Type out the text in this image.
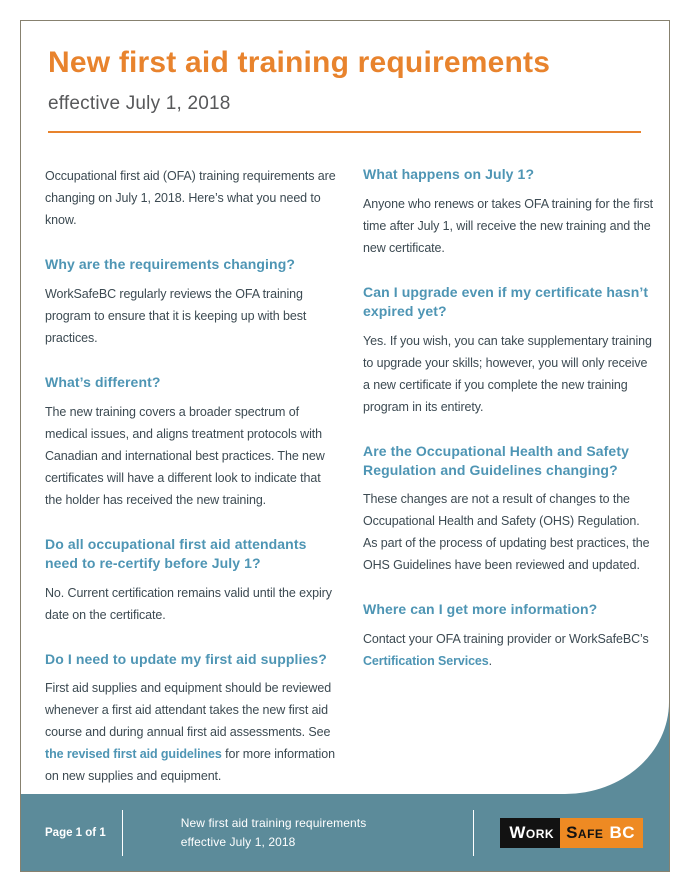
New first aid training requirements
effective July 1, 2018

Occupational first aid (OFA) training requirements are changing on July 1, 2018. Here’s what you need to know.

Why are the requirements changing?

WorkSafeBC regularly reviews the OFA training program to ensure that it is keeping up with best practices.

What’s different?

The new training covers a broader spectrum of medical issues, and aligns treatment protocols with Canadian and international best practices. The new certificates will have a different look to indicate that the holder has received the new training.

Do all occupational first aid attendants need to re-certify before July 1?

No. Current certification remains valid until the expiry date on the certificate.

Do I need to update my first aid supplies?

First aid supplies and equipment should be reviewed whenever a first aid attendant takes the new first aid course and during annual first aid assessments. See the revised first aid guidelines for more information on new supplies and equipment.

What happens on July 1?

Anyone who renews or takes OFA training for the first time after July 1, will receive the new training and the new certificate.

Can I upgrade even if my certificate hasn’t expired yet?

Yes. If you wish, you can take supplementary training to upgrade your skills; however, you will only receive a new certificate if you complete the new training program in its entirety.

Are the Occupational Health and Safety Regulation and Guidelines changing?

These changes are not a result of changes to the Occupational Health and Safety (OHS) Regulation. As part of the process of updating best practices, the OHS Guidelines have been reviewed and updated.

Where can I get more information?

Contact your OFA training provider or WorkSafeBC’s Certification Services.

Page 1 of 1
New first aid training requirements
effective July 1, 2018	Work Safe BC
